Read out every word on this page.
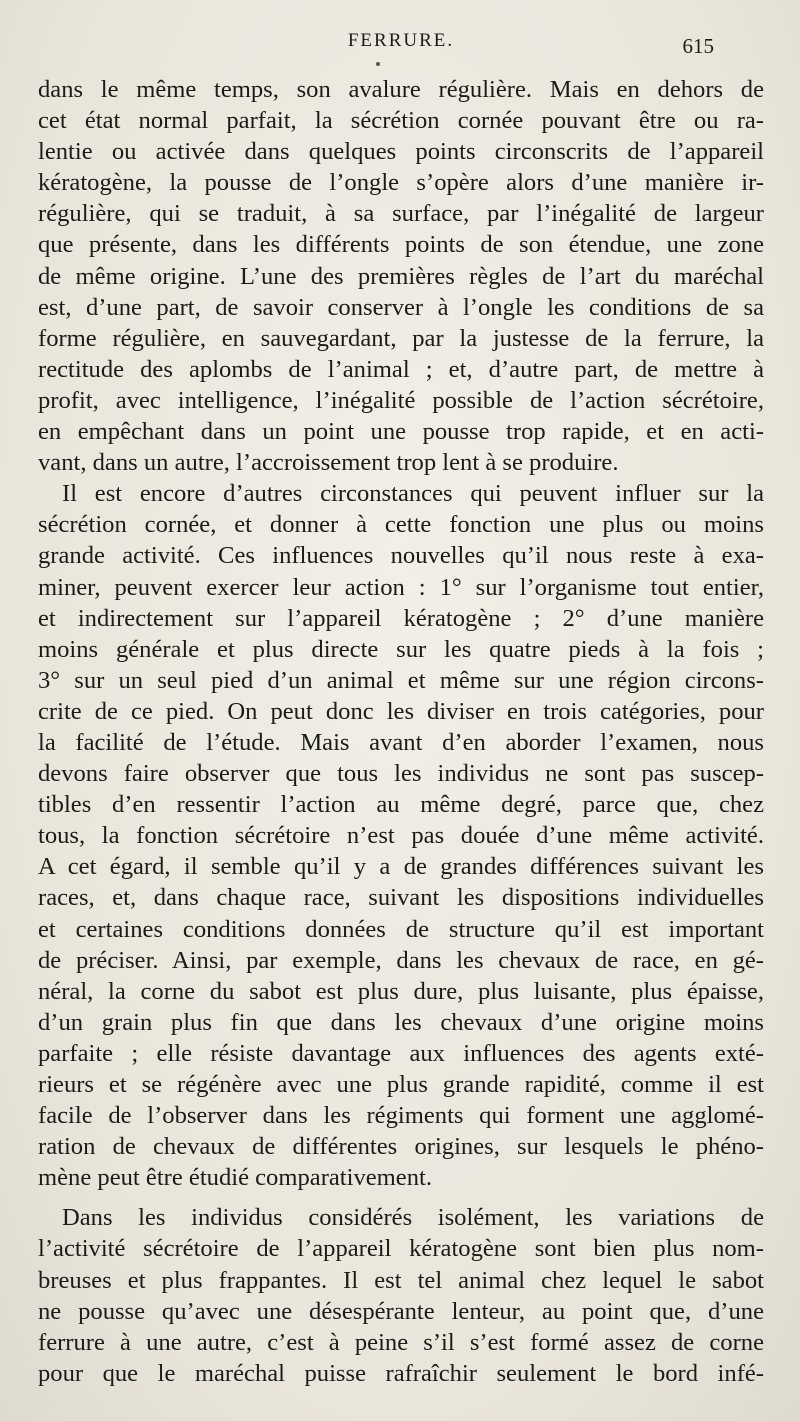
FERRURE.	615

dans le même temps, son avalure régulière. Mais en dehors de
cet état normal parfait, la sécrétion cornée pouvant être ou ra-
lentie ou activée dans quelques points circonscrits de l’appareil
kératogène, la pousse de l’ongle s’opère alors d’une manière ir-
régulière, qui se traduit, à sa surface, par l’inégalité de largeur
que présente, dans les différents points de son étendue, une zone
de même origine. L’une des premières règles de l’art du maréchal
est, d’une part, de savoir conserver à l’ongle les conditions de sa
forme régulière, en sauvegardant, par la justesse de la ferrure, la
rectitude des aplombs de l’animal ; et, d’autre part, de mettre à
profit, avec intelligence, l’inégalité possible de l’action sécrétoire,
en empêchant dans un point une pousse trop rapide, et en acti-
vant, dans un autre, l’accroissement trop lent à se produire.

Il est encore d’autres circonstances qui peuvent influer sur la
sécrétion cornée, et donner à cette fonction une plus ou moins
grande activité. Ces influences nouvelles qu’il nous reste à exa-
miner, peuvent exercer leur action : 1° sur l’organisme tout entier,
et indirectement sur l’appareil kératogène ; 2° d’une manière
moins générale et plus directe sur les quatre pieds à la fois ;
3° sur un seul pied d’un animal et même sur une région circons-
crite de ce pied. On peut donc les diviser en trois catégories, pour
la facilité de l’étude. Mais avant d’en aborder l’examen, nous
devons faire observer que tous les individus ne sont pas suscep-
tibles d’en ressentir l’action au même degré, parce que, chez
tous, la fonction sécrétoire n’est pas douée d’une même activité.
A cet égard, il semble qu’il y a de grandes différences suivant les
races, et, dans chaque race, suivant les dispositions individuelles
et certaines conditions données de structure qu’il est important
de préciser. Ainsi, par exemple, dans les chevaux de race, en gé-
néral, la corne du sabot est plus dure, plus luisante, plus épaisse,
d’un grain plus fin que dans les chevaux d’une origine moins
parfaite ; elle résiste davantage aux influences des agents exté-
rieurs et se régénère avec une plus grande rapidité, comme il est
facile de l’observer dans les régiments qui forment une agglomé-
ration de chevaux de différentes origines, sur lesquels le phéno-
mène peut être étudié comparativement.

Dans les individus considérés isolément, les variations de
l’activité sécrétoire de l’appareil kératogène sont bien plus nom-
breuses et plus frappantes. Il est tel animal chez lequel le sabot
ne pousse qu’avec une désespérante lenteur, au point que, d’une
ferrure à une autre, c’est à peine s’il s’est formé assez de corne
pour que le maréchal puisse rafraîchir seulement le bord infé-
